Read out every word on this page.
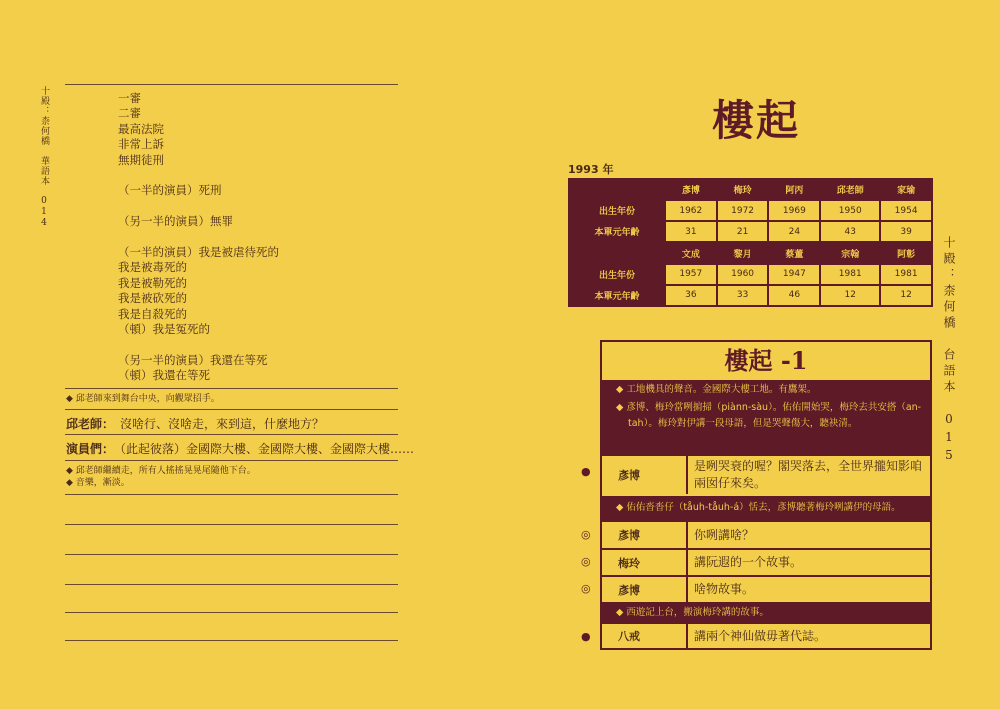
十殿：柰何橋　華語本　014	一審
二審
最高法院
非常上訴
無期徒刑
（一半的演員）死刑
（另一半的演員）無罪
（一半的演員）我是被虐待死的
我是被毒死的
我是被勒死的
我是被砍死的
我是自殺死的
（頓）我是冤死的
（另一半的演員）我還在等死
（頓）我還在等死
◆ 邱老師來到舞台中央，向觀眾招手。
邱老師： 沒啥行、沒啥走，來到這，什麼地方？
演員們： （此起彼落）金國際大樓、金國際大樓、金國際大樓……
◆ 邱老師繼續走，所有人搖搖晃晃尾隨他下台。
◆ 音樂，漸淡。
樓起
1993 年
	彥博	梅玲	阿丙	邱老師	家瑜
出生年份	1962	1972	1969	1950	1954
本單元年齡	31	21	24	43	39
	文成	黎月	蔡董	宗翰	阿彰
出生年份	1957	1960	1947	1981	1981
本單元年齡	36	33	46	12	12	十殿：柰何橋　台語本　015
樓起 -1
◆ 工地機具的聲音。金國際大樓工地。有鷹架。
◆ 彥博、梅玲當咧掮掃（piànn-sàu）。佑佑開始哭，梅玲去共安搭（an-tah）。梅玲對伊講一段母語，但是哭聲傷大，聽袂清。
彥博
是咧哭衰的喔？閣哭落去，全世界攏知影咱兩囡仔來矣。
◆ 佑佑沓沓仔（tåuh-tåuh-á）恬去，彥博聽著梅玲咧講伊的母語。
彥博	你咧講啥？
梅玲	講阮遐的一个故事。
彥博	啥物故事。
◆ 西遊記上台，搬演梅玲講的故事。
八戒	講兩个神仙做毋著代誌。
●
◎
◎
◎
●
